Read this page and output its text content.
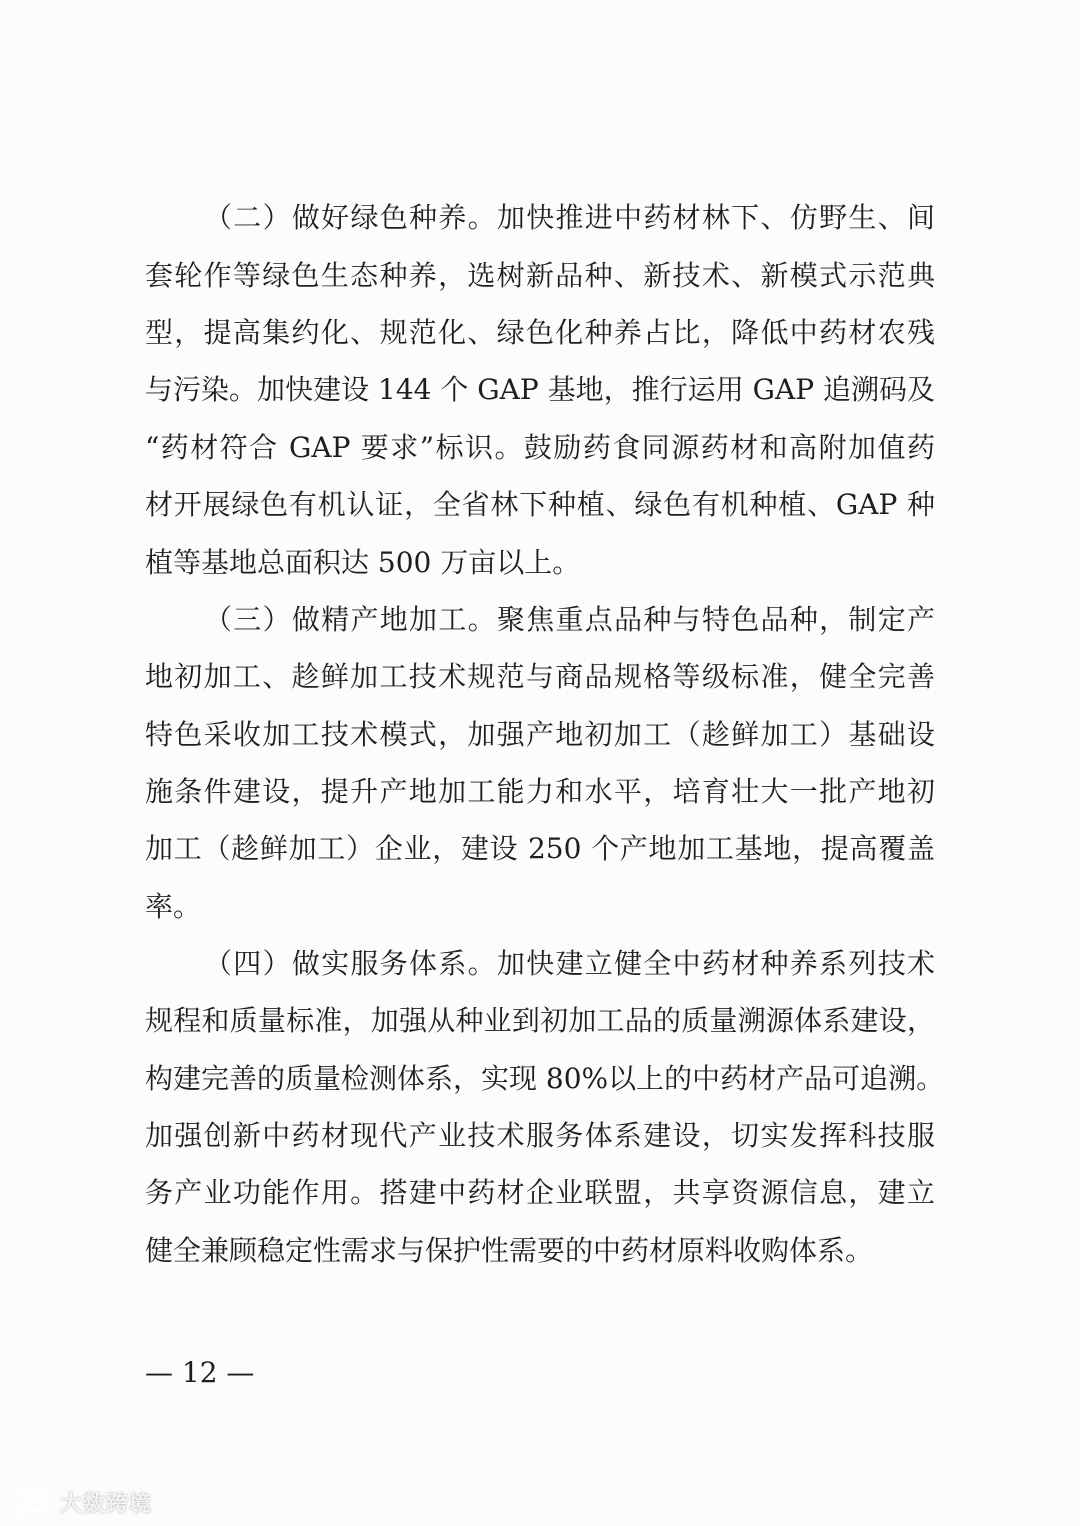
（二）做好绿色种养。加快推进中药材林下、仿野生、间
套轮作等绿色生态种养，选树新品种、新技术、新模式示范典
型，提高集约化、规范化、绿色化种养占比，降低中药材农残
与污染。加快建设 144 个 GAP 基地，推行运用 GAP 追溯码及
“药材符合 GAP 要求”标识。鼓励药食同源药材和高附加值药
材开展绿色有机认证，全省林下种植、绿色有机种植、GAP 种
植等基地总面积达 500 万亩以上。
（三）做精产地加工。聚焦重点品种与特色品种，制定产
地初加工、趁鲜加工技术规范与商品规格等级标准，健全完善
特色采收加工技术模式，加强产地初加工（趁鲜加工）基础设
施条件建设，提升产地加工能力和水平，培育壮大一批产地初
加工（趁鲜加工）企业，建设 250 个产地加工基地，提高覆盖
率。
（四）做实服务体系。加快建立健全中药材种养系列技术
规程和质量标准，加强从种业到初加工品的质量溯源体系建设，
构建完善的质量检测体系，实现 80%以上的中药材产品可追溯。
加强创新中药材现代产业技术服务体系建设，切实发挥科技服
务产业功能作用。搭建中药材企业联盟，共享资源信息，建立
健全兼顾稳定性需求与保护性需要的中药材原料收购体系。
— 12 —
大数跨境
